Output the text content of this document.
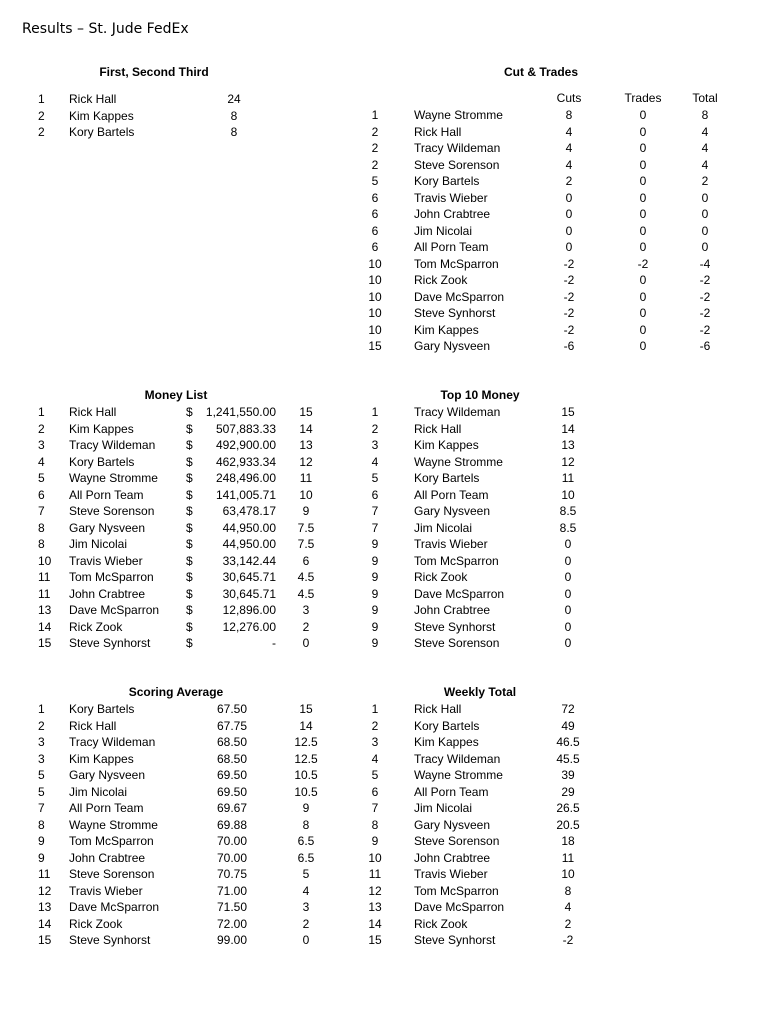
Results – St. Jude FedEx
First, Second Third
1 Rick Hall	24
2 Kim Kappes	8
2 Kory Bartels	8
Cut & Trades
Cuts	Trades	Total
1	Wayne Stromme	8	0	8
2	Rick Hall	4	0	4
2	Tracy Wildeman	4	0	4
2	Steve Sorenson	4	0	4
5	Kory Bartels	2	0	2
6	Travis Wieber	0	0	0
6	John Crabtree	0	0	0
6	Jim Nicolai	0	0	0
6	All Porn Team	0	0	0
10	Tom McSparron	-2	-2	-4
10	Rick Zook	-2	0	-2
10	Dave McSparron	-2	0	-2
10	Steve Synhorst	-2	0	-2
10	Kim Kappes	-2	0	-2
15	Gary Nysveen	-6	0	-6
Money List
1 Rick Hall	$ 1,241,550.00 15
2 Kim Kappes	$ 507,883.33 14
3 Tracy Wildeman	$ 492,900.00 13
4 Kory Bartels	$ 462,933.34 12
5 Wayne Stromme $ 248,496.00 11
6 All Porn Team	$ 141,005.71 10
7 Steve Sorenson	$ 63,478.17 9
8 Gary Nysveen	$ 44,950.00 7.5
8 Jim Nicolai	$ 44,950.00 7.5
10 Travis Wieber	$ 33,142.44 6
11 Tom McSparron	$ 30,645.71 4.5
11 John Crabtree	$ 30,645.71 4.5
13 Dave McSparron $ 12,896.00 3
14 Rick Zook	$ 12,276.00 2
15 Steve Synhorst	$	- 0
Top 10 Money
1	Tracy Wildeman	15
2	Rick Hall	14
3	Kim Kappes	13
4	Wayne Stromme	12
5	Kory Bartels	11
6	All Porn Team	10
7	Gary Nysveen	8.5
7	Jim Nicolai	8.5
9	Travis Wieber	0
9	Tom McSparron	0
9	Rick Zook	0
9	Dave McSparron	0
9	John Crabtree	0
9	Steve Synhorst	0
9	Steve Sorenson	0
Scoring Average
1 Kory Bartels	67.50	15
2 Rick Hall	67.75	14
3 Tracy Wildeman	68.50	12.5
3 Kim Kappes	68.50	12.5
5 Gary Nysveen	69.50	10.5
5 Jim Nicolai	69.50	10.5
7 All Porn Team	69.67	9
8 Wayne Stromme	69.88	8
9 Tom McSparron	70.00	6.5
9 John Crabtree	70.00	6.5
11 Steve Sorenson	70.75	5
12 Travis Wieber	71.00	4
13 Dave McSparron	71.50	3
14 Rick Zook	72.00	2
15 Steve Synhorst	99.00	0
Weekly Total
1	Rick Hall	72
2	Kory Bartels	49
3	Kim Kappes	46.5
4	Tracy Wildeman	45.5
5	Wayne Stromme	39
6	All Porn Team	29
7	Jim Nicolai	26.5
8	Gary Nysveen	20.5
9	Steve Sorenson	18
10	John Crabtree	11
11	Travis Wieber	10
12	Tom McSparron	8
13	Dave McSparron	4
14	Rick Zook	2
15	Steve Synhorst	-2
